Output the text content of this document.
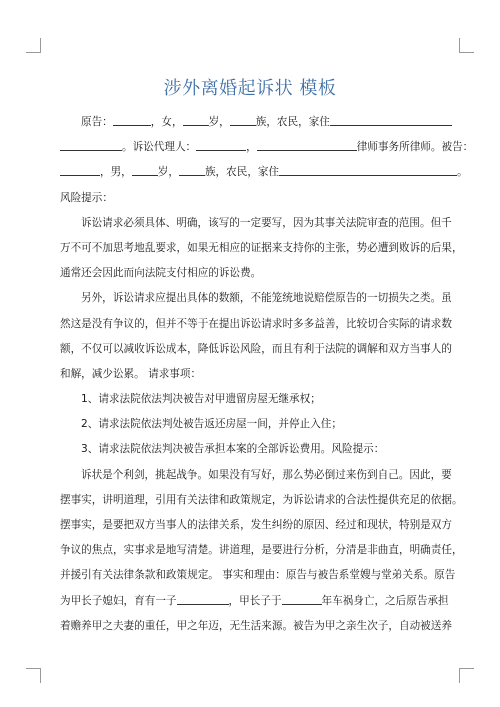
涉外离婚起诉状 模板
原告：	，女， 岁， 族，农民，家住
。诉讼代理人：	，	律师事务所律师。被告：
，男， 岁， 族，农民，家住	。
风险提示：
诉讼请求必须具体、明确，该写的一定要写，因为其事关法院审查的范围。但千
万不可不加思考地乱要求，如果无相应的证据来支持你的主张，势必遭到败诉的后果，
通常还会因此而向法院支付相应的诉讼费。
另外，诉讼请求应提出具体的数额，不能笼统地说赔偿原告的一切损失之类。虽
然这是没有争议的，但并不等于在提出诉讼请求时多多益善，比较切合实际的请求数
额，不仅可以减收诉讼成本，降低诉讼风险，而且有利于法院的调解和双方当事人的
和解，减少讼累。 请求事项：
1、请求法院依法判决被告对甲遗留房屋无继承权；
2、请求法院依法判处被告返还房屋一间，并停止入住；
3、请求法院依法判决被告承担本案的全部诉讼费用。风险提示：
诉状是个利剑，挑起战争。如果没有写好，那么势必倒过来伤到自己。因此，要
摆事实，讲明道理，引用有关法律和政策规定，为诉讼请求的合法性提供充足的依据。
摆事实，是要把双方当事人的法律关系，发生纠纷的原因、经过和现状，特别是双方
争议的焦点，实事求是地写清楚。讲道理，是要进行分析，分清是非曲直，明确责任，
并援引有关法律条款和政策规定。 事实和理由：原告与被告系堂嫂与堂弟关系。原告
为甲长子媳妇，育有一子	，甲长子于	年车祸身亡，之后原告承担
着赡养甲之夫妻的重任，甲之年迈，无生活来源。被告为甲之亲生次子，自动被送养
